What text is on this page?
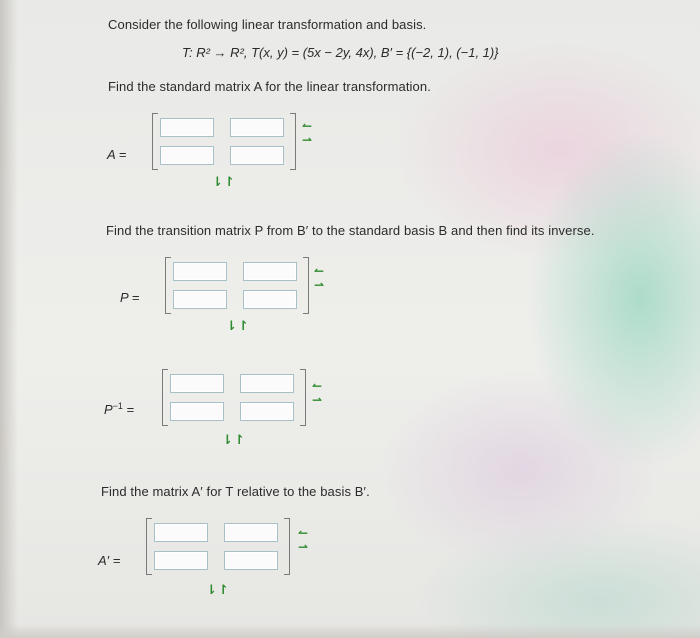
Consider the following linear transformation and basis.
T: R² → R², T(x, y) = (5x − 2y, 4x), B′ = {(−2, 1), (−1, 1)}
Find the standard matrix A for the linear transformation.
A =
↼
⇀
⇂↾
Find the transition matrix P from B′ to the standard basis B and then find its inverse.
P =
↼
⇀
⇂↾
$P^{-1}$ =
↼
⇀
⇂↾
Find the matrix A′ for T relative to the basis B′.
A′ =
↼
⇀
⇂↾
